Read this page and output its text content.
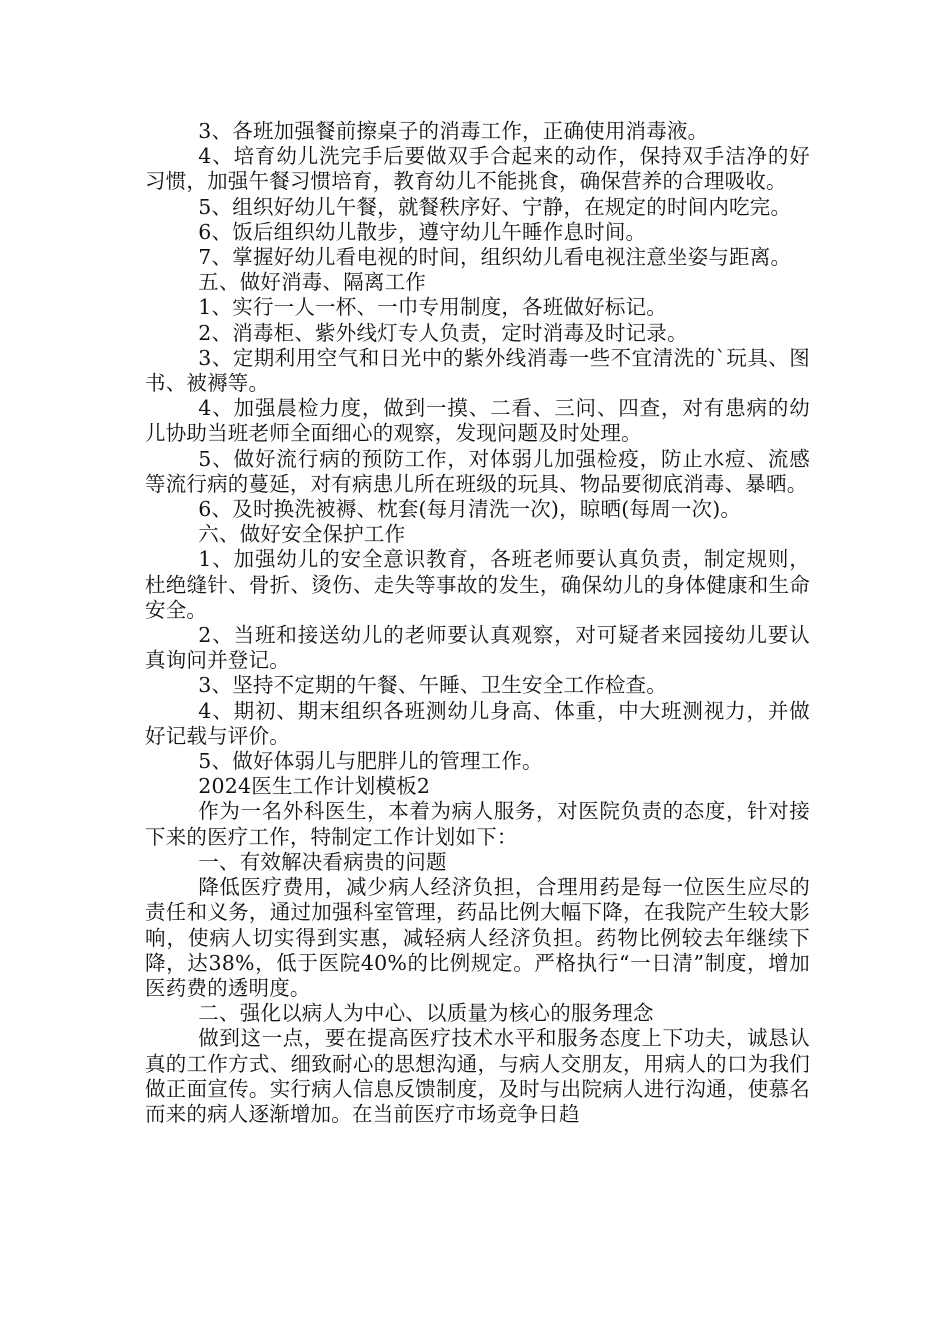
3、各班加强餐前擦桌子的消毒工作，正确使用消毒液。

4、培育幼儿洗完手后要做双手合起来的动作，保持双手洁净的好习惯，加强午餐习惯培育，教育幼儿不能挑食，确保营养的合理吸收。

5、组织好幼儿午餐，就餐秩序好、宁静，在规定的时间内吃完。

6、饭后组织幼儿散步，遵守幼儿午睡作息时间。

7、掌握好幼儿看电视的时间，组织幼儿看电视注意坐姿与距离。

五、做好消毒、隔离工作

1、实行一人一杯、一巾专用制度，各班做好标记。

2、消毒柜、紫外线灯专人负责，定时消毒及时记录。

3、定期利用空气和日光中的紫外线消毒一些不宜清洗的`玩具、图书、被褥等。

4、加强晨检力度，做到一摸、二看、三问、四查，对有患病的幼儿协助当班老师全面细心的观察，发现问题及时处理。

5、做好流行病的预防工作，对体弱儿加强检疫，防止水痘、流感等流行病的蔓延，对有病患儿所在班级的玩具、物品要彻底消毒、暴晒。

6、及时换洗被褥、枕套(每月清洗一次)，晾晒(每周一次)。

六、做好安全保护工作

1、加强幼儿的安全意识教育，各班老师要认真负责，制定规则，杜绝缝针、骨折、烫伤、走失等事故的发生，确保幼儿的身体健康和生命安全。

2、当班和接送幼儿的老师要认真观察，对可疑者来园接幼儿要认真询问并登记。

3、坚持不定期的午餐、午睡、卫生安全工作检查。

4、期初、期末组织各班测幼儿身高、体重，中大班测视力，并做好记载与评价。

5、做好体弱儿与肥胖儿的管理工作。

2024医生工作计划模板2

作为一名外科医生，本着为病人服务，对医院负责的态度，针对接下来的医疗工作，特制定工作计划如下：

一、有效解决看病贵的问题

降低医疗费用，减少病人经济负担，合理用药是每一位医生应尽的责任和义务，通过加强科室管理，药品比例大幅下降，在我院产生较大影响，使病人切实得到实惠，减轻病人经济负担。药物比例较去年继续下降，达38%，低于医院40%的比例规定。严格执行“一日清”制度，增加医药费的透明度。

二、强化以病人为中心、以质量为核心的服务理念

做到这一点，要在提高医疗技术水平和服务态度上下功夫，诚恳认真的工作方式、细致耐心的思想沟通，与病人交朋友，用病人的口为我们做正面宣传。实行病人信息反馈制度，及时与出院病人进行沟通，使慕名而来的病人逐渐增加。在当前医疗市场竞争日趋
